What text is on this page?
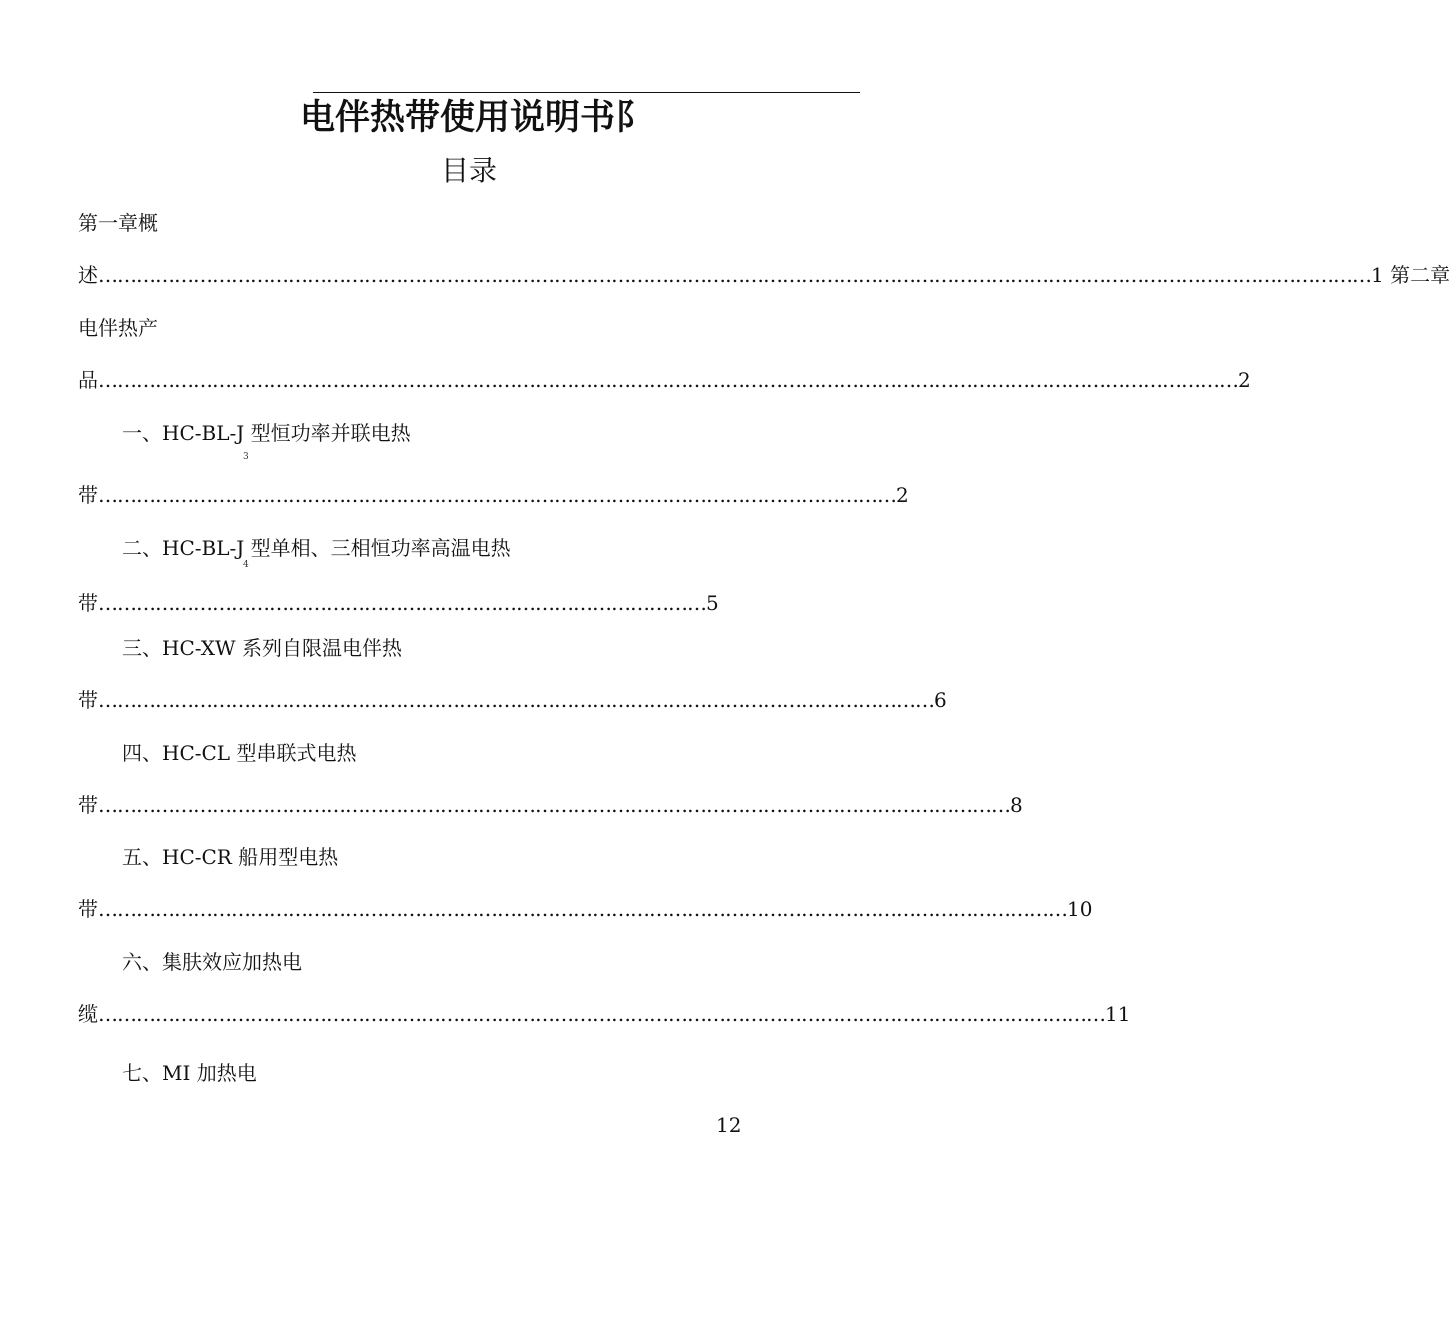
电伴热带使用说明书阝
目录
第一章概
述…………………………………………………………………………………………………………………………………………………………………………………1 第二章
电伴热产
品………………………………………………………………………………………………………………………………………………………………2
一、HC-BL-J 型恒功率并联电热
3
带………………………………………………………………………………………………………………2
二、HC-BL-J 型单相、三相恒功率高温电热
4
带……………………………………………………………………………………5
三、HC-XW 系列自限温电伴热
带……………………………………………………………………………………………………………………6
四、HC-CL 型串联式电热
带………………………………………………………………………………………………………………………………8
五、HC-CR 船用型电热
带………………………………………………………………………………………………………………………………………10
六、集肤效应加热电
缆……………………………………………………………………………………………………………………………………………11
七、MI 加热电
12
